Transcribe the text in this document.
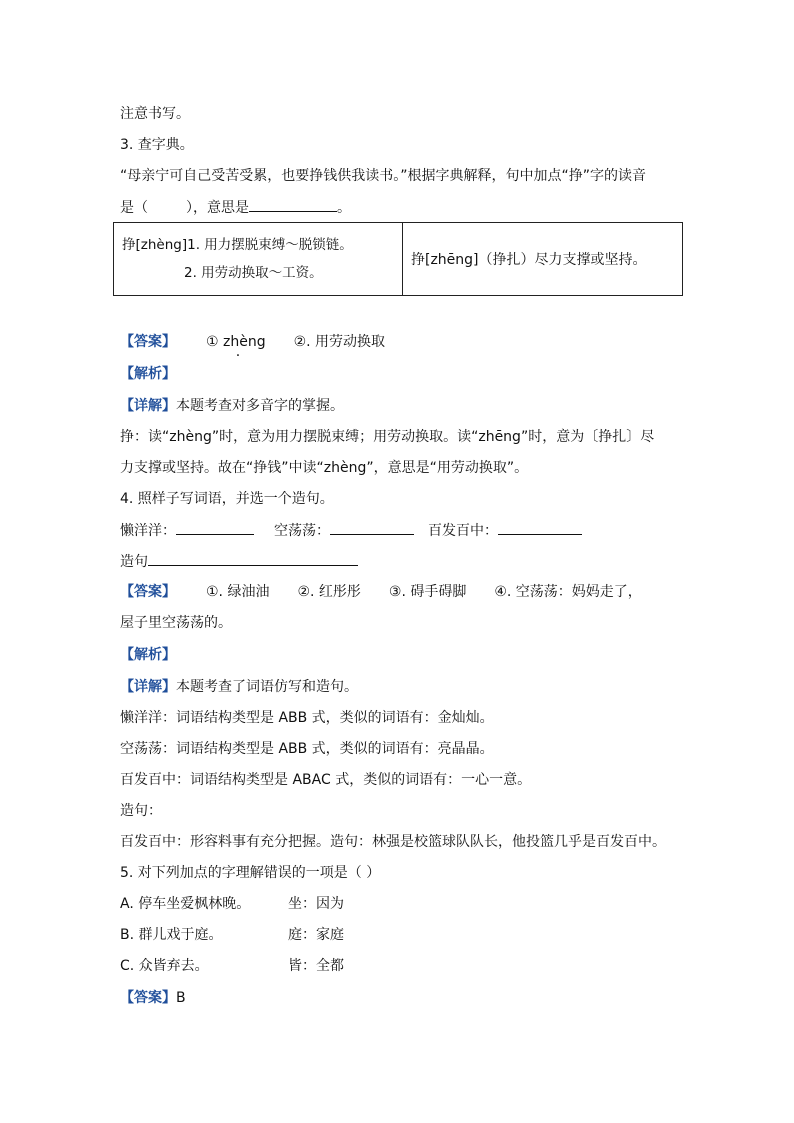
注意书写。
3. 查字典。
“母亲宁可自己受苦受累，也要挣钱供我读书。”根据字典解释，句中加点“挣”字的读音
是（	），意思是	。
挣[zhèng]1. 用力摆脱束缚～脱锁链。
2. 用劳动换取～工资。
	挣[zhēng]（挣扎）尽力支撑或坚持。
【答案】 ① zhèng · ②. 用劳动换取
【解析】
【详解】本题考查对多音字的掌握。
挣：读“zhèng”时，意为用力摆脱束缚；用劳动换取。读“zhēng”时，意为〔挣扎〕尽
力支撑或坚持。故在“挣钱”中读“zhèng”，意思是“用劳动换取”。
4. 照样子写词语，并选一个造句。
懒洋洋：	空荡荡：	百发百中：
造句
【答案】 ①. 绿油油 ②. 红彤彤 ③. 碍手碍脚 ④. 空荡荡：妈妈走了，
屋子里空荡荡的。
【解析】
【详解】本题考查了词语仿写和造句。
懒洋洋：词语结构类型是 ABB 式，类似的词语有：金灿灿。
空荡荡：词语结构类型是 ABB 式，类似的词语有：亮晶晶。
百发百中：词语结构类型是 ABAC 式，类似的词语有：一心一意。
造句：
百发百中：形容料事有充分把握。造句：林强是校篮球队队长，他投篮几乎是百发百中。
5. 对下列加点的字理解错误的一项是（ ）
A. 停车坐爱枫林晚。	坐：因为
B. 群儿戏于庭。	庭：家庭
C. 众皆弃去。	皆：全都
【答案】B
